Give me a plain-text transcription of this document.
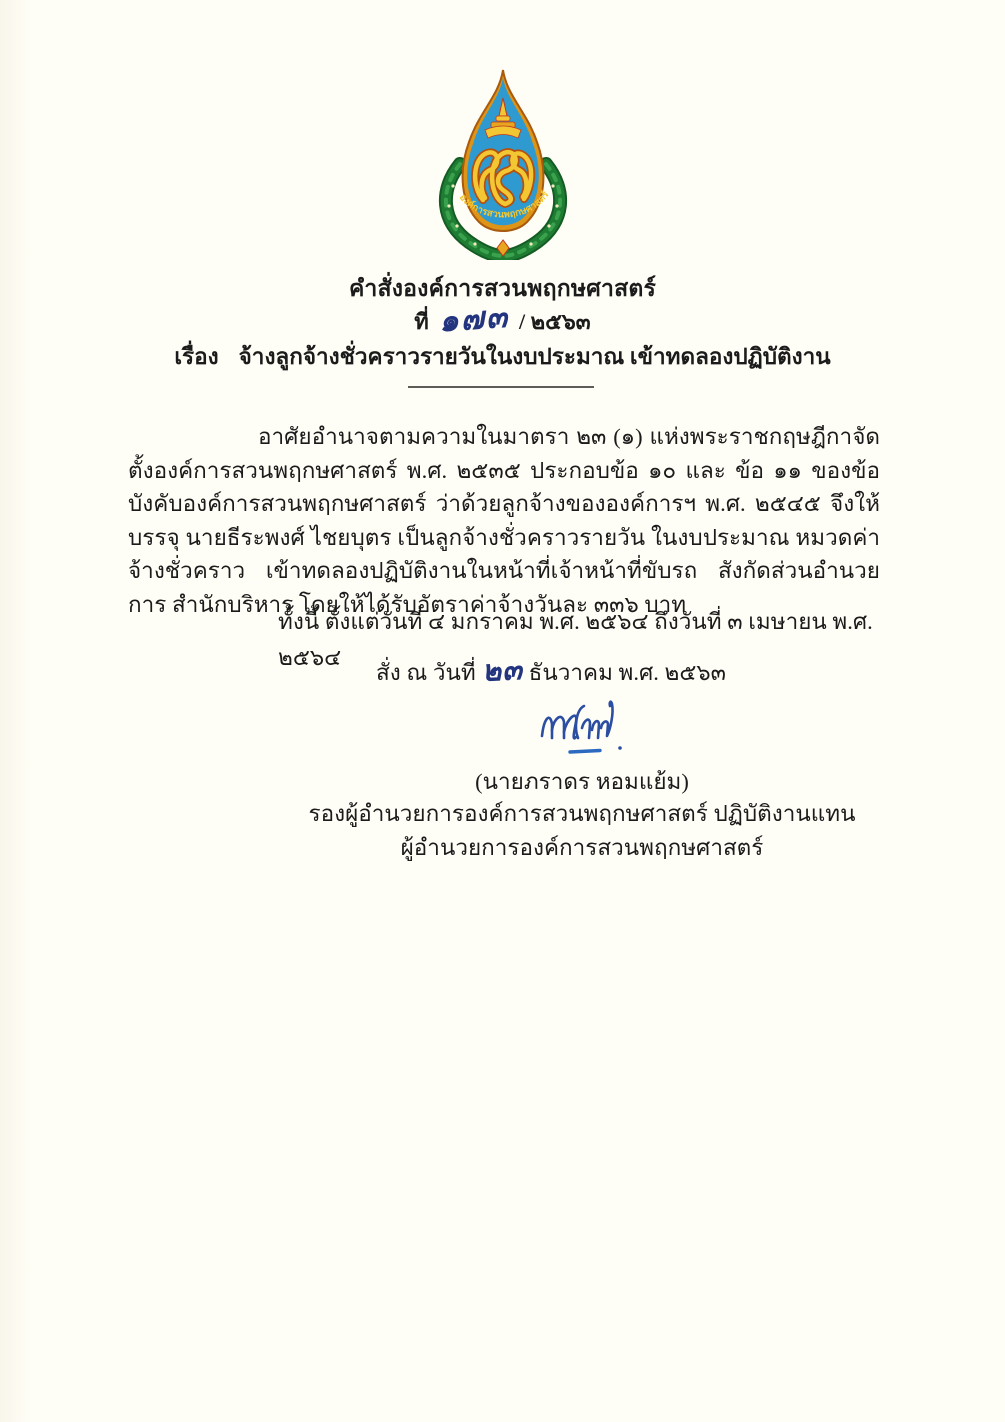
องค์การสวนพฤกษศาสตร์
คำสั่งองค์การสวนพฤกษศาสตร์
ที่ ๑๗๓ / ๒๕๖๓
เรื่อง จ้างลูกจ้างชั่วคราวรายวันในงบประมาณ เข้าทดลองปฏิบัติงาน
อาศัยอำนาจตามความในมาตรา ๒๓ (๑) แห่งพระราชกฤษฎีกาจัดตั้งองค์การสวนพฤกษศาสตร์ พ.ศ. ๒๕๓๕ ประกอบข้อ ๑๐ และ ข้อ ๑๑ ของข้อบังคับองค์การสวนพฤกษศาสตร์ ว่าด้วยลูกจ้างขององค์การฯ พ.ศ. ๒๕๔๕ จึงให้บรรจุ นายธีระพงศ์ ไชยบุตร เป็นลูกจ้างชั่วคราวรายวัน ในงบประมาณ หมวดค่าจ้างชั่วคราว เข้าทดลองปฏิบัติงานในหน้าที่เจ้าหน้าที่ขับรถ สังกัดส่วนอำนวยการ สำนักบริหาร โดยให้ได้รับอัตราค่าจ้างวันละ ๓๓๖ บาท
ทั้งนี้ ตั้งแต่วันที่ ๔ มกราคม พ.ศ. ๒๕๖๔ ถึงวันที่ ๓ เมษายน พ.ศ. ๒๕๖๔
สั่ง ณ วันที่ ๒๓ ธันวาคม พ.ศ. ๒๕๖๓
(นายภราดร หอมแย้ม)
รองผู้อำนวยการองค์การสวนพฤกษศาสตร์ ปฏิบัติงานแทน
ผู้อำนวยการองค์การสวนพฤกษศาสตร์
